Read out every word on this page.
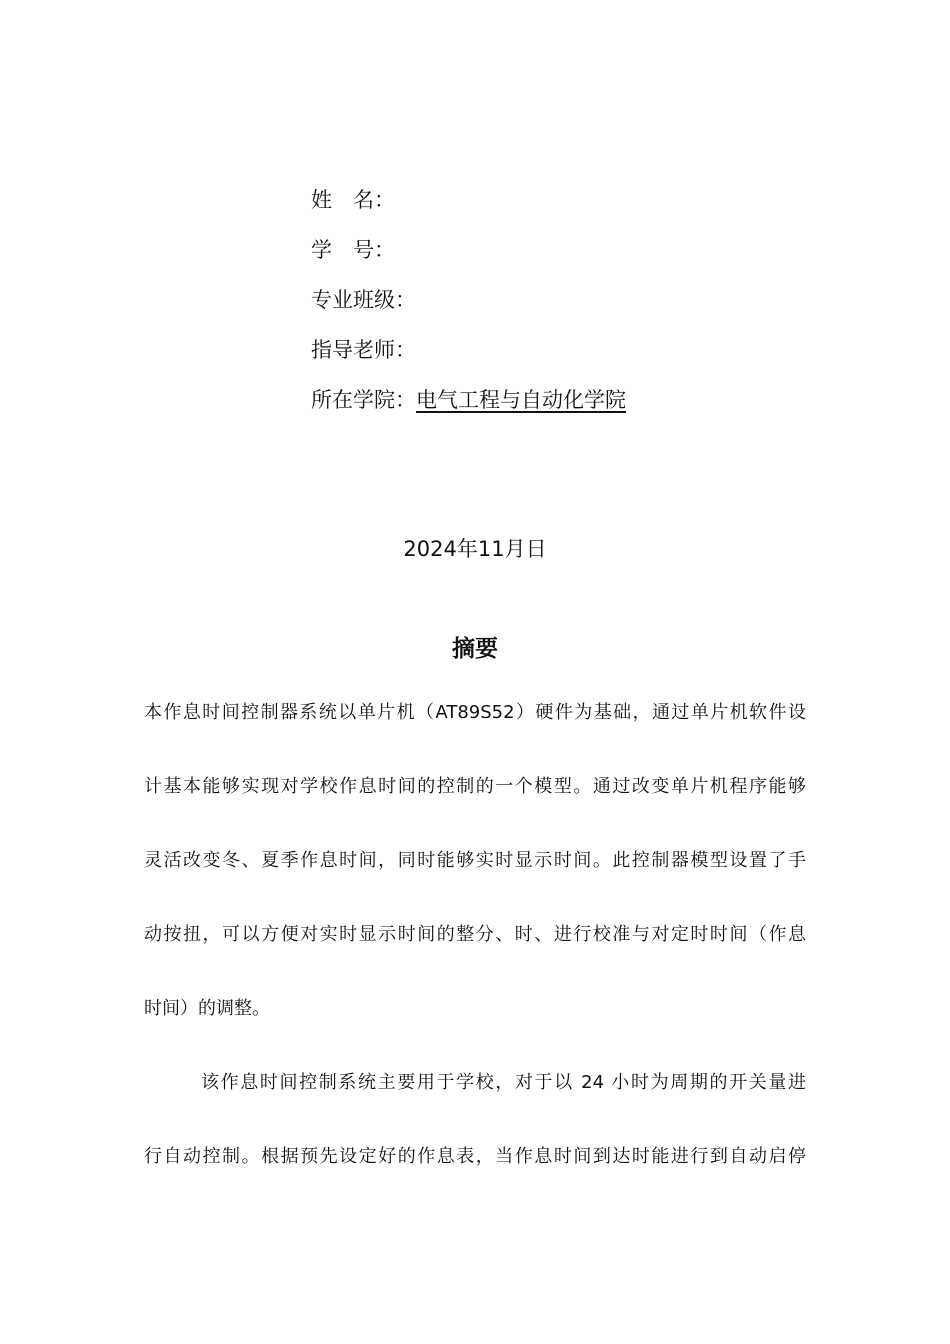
姓　名：
学　号：
专业班级：
指导老师：
所在学院：电气工程与自动化学院
2024年11月日
摘要
本作息时间控制器系统以单片机（AT89S52）硬件为基础，通过单片机软件设
计基本能够实现对学校作息时间的控制的一个模型。通过改变单片机程序能够
灵活改变冬、夏季作息时间，同时能够实时显示时间。此控制器模型设置了手
动按扭，可以方便对实时显示时间的整分、时、进行校准与对定时时间（作息
时间）的调整。
该作息时间控制系统主要用于学校，对于以 24 小时为周期的开关量进
行自动控制。根据预先设定好的作息表，当作息时间到达时能进行到自动启停
